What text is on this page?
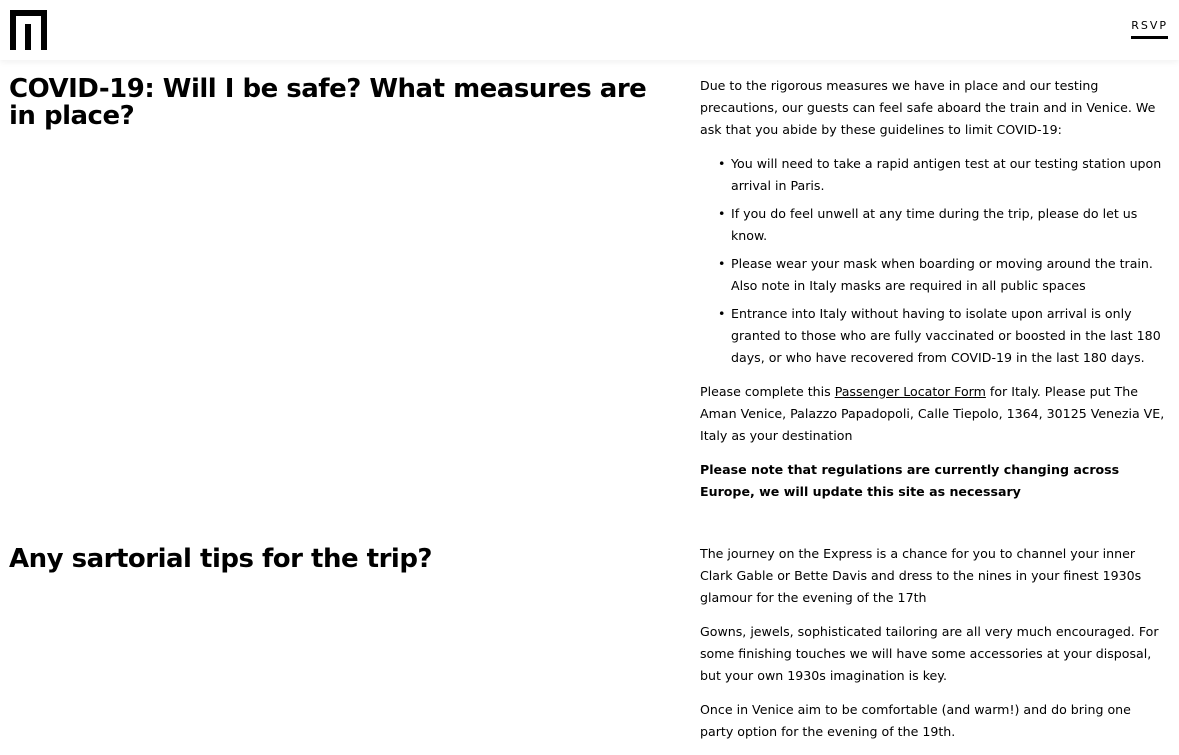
RSVP
COVID-19: Will I be safe? What measures are in place?

Due to the rigorous measures we have in place and our testing precautions, our guests can feel safe aboard the train and in Venice. We ask that you abide by these guidelines to limit COVID-19:

• You will need to take a rapid antigen test at our testing station upon arrival in Paris.
• If you do feel unwell at any time during the trip, please do let us know.
• Please wear your mask when boarding or moving around the train. Also note in Italy masks are required in all public spaces
• Entrance into Italy without having to isolate upon arrival is only granted to those who are fully vaccinated or boosted in the last 180 days, or who have recovered from COVID-19 in the last 180 days.

Please complete this Passenger Locator Form for Italy. Please put The Aman Venice, Palazzo Papadopoli, Calle Tiepolo, 1364, 30125 Venezia VE, Italy as your destination

Please note that regulations are currently changing across Europe, we will update this site as necessary

Any sartorial tips for the trip?	The journey on the Express is a chance for you to channel your inner Clark Gable or Bette Davis and dress to the nines in your finest 1930s glamour for the evening of the 17th

Gowns, jewels, sophisticated tailoring are all very much encouraged. For some finishing touches we will have some accessories at your disposal, but your own 1930s imagination is key.

Once in Venice aim to be comfortable (and warm!) and do bring one party option for the evening of the 19th.
